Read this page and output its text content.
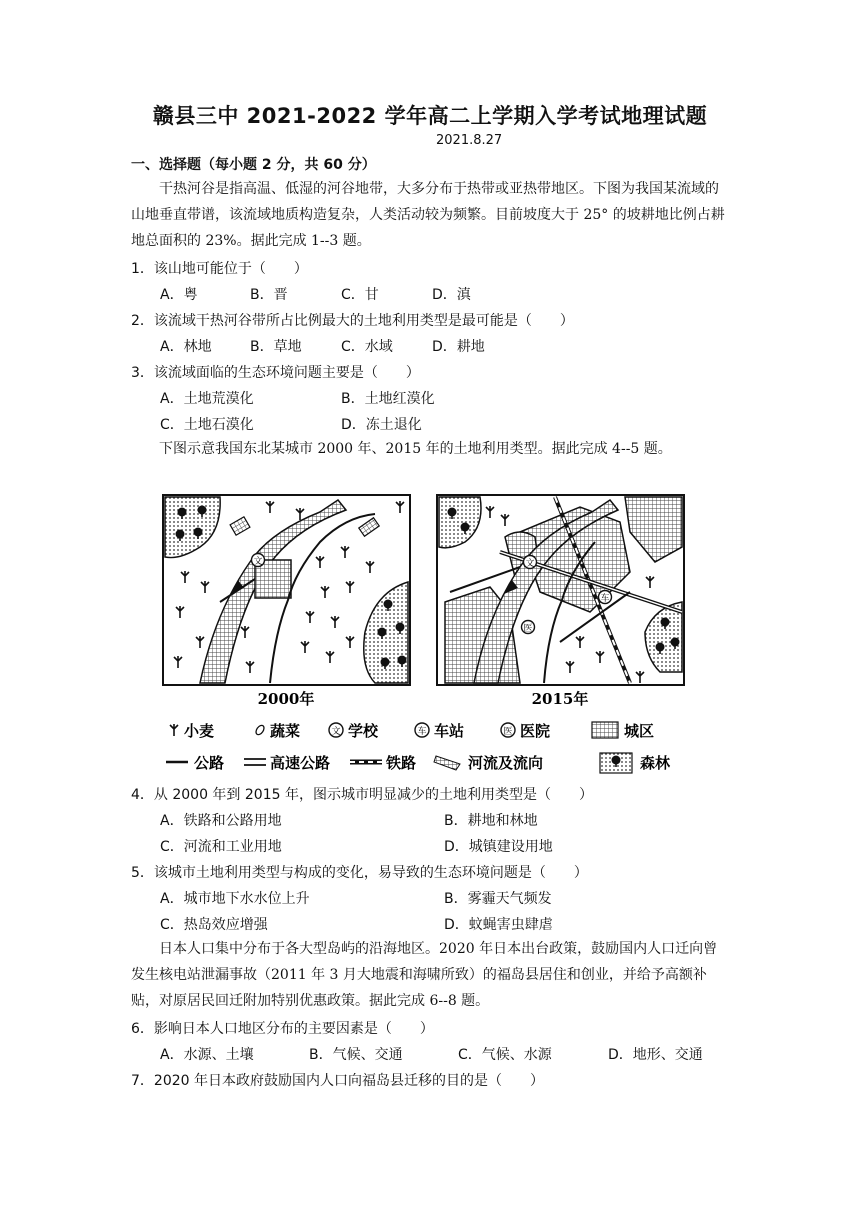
赣县三中 2021-2022 学年高二上学期入学考试地理试题
2021.8.27
一、选择题（每小题 2 分，共 60 分）
干热河谷是指高温、低湿的河谷地带，大多分布于热带或亚热带地区。下图为我国某流域的山地垂直带谱，该流域地质构造复杂，人类活动较为频繁。目前坡度大于 25° 的坡耕地比例占耕地总面积的 23%。据此完成 1--3 题。
1．该山地可能位于（　　）
A．粤	B．晋	C．甘	D．滇
2．该流域干热河谷带所占比例最大的土地利用类型是最可能是（　　）
A．林地	B．草地	C．水域	D．耕地
3．该流域面临的生态环境问题主要是（　　）
A．土地荒漠化	B．土地红漠化
C．土地石漠化	D．冻土退化
下图示意我国东北某城市 2000 年、2015 年的土地利用类型。据此完成 4--5 题。
文
2000年
文
车
医
2015年
小麦	蔬菜	文 学校	车 车站	医 医院	城区
公路	高速公路	铁路	河流及流向	森林
4．从 2000 年到 2015 年，图示城市明显减少的土地利用类型是（　　）
A．铁路和公路用地	B．耕地和林地
C．河流和工业用地	D．城镇建设用地
5．该城市土地利用类型与构成的变化，易导致的生态环境问题是（　　）
A．城市地下水水位上升	B．雾霾天气频发
C．热岛效应增强	D．蚊蝇害虫肆虐
日本人口集中分布于各大型岛屿的沿海地区。2020 年日本出台政策，鼓励国内人口迁向曾发生核电站泄漏事故（2011 年 3 月大地震和海啸所致）的福岛县居住和创业，并给予高额补贴，对原居民回迁附加特别优惠政策。据此完成 6--8 题。
6．影响日本人口地区分布的主要因素是（　　）
A．水源、土壤	B．气候、交通	C．气候、水源	D．地形、交通
7．2020 年日本政府鼓励国内人口向福岛县迁移的目的是（　　）
